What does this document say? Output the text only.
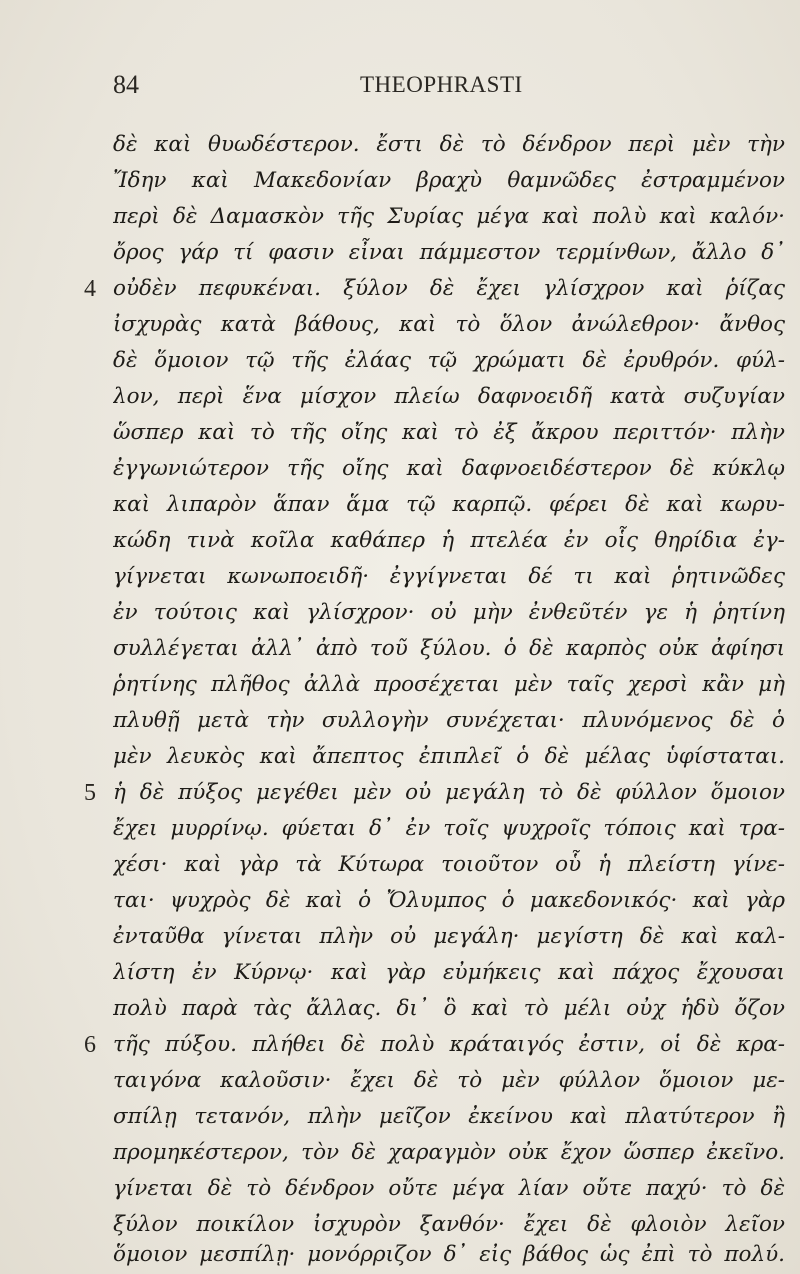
84	THEOPHRASTI
δὲ καὶ θυωδέστερον. ἔστι δὲ τὸ δένδρον περὶ μὲν τὴν
Ἴδην καὶ Μακεδονίαν βραχὺ θαμνῶδες ἐστραμμένον
περὶ δὲ Δαμασκὸν τῆς Συρίας μέγα καὶ πολὺ καὶ καλόν·
ὄρος γάρ τί φασιν εἶναι πάμμεστον τερμίνθων, ἄλλο δ᾽
4 οὐδὲν πεφυκέναι. ξύλον δὲ ἔχει γλίσχρον καὶ ῥίζας
ἰσχυρὰς κατὰ βάθους, καὶ τὸ ὅλον ἀνώλεθρον· ἄνθος
δὲ ὅμοιον τῷ τῆς ἐλάας τῷ χρώματι δὲ ἐρυθρόν. φύλ-
λον, περὶ ἕνα μίσχον πλείω δαφνοειδῆ κατὰ συζυγίαν
ὥσπερ καὶ τὸ τῆς οἴης καὶ τὸ ἐξ ἄκρου περιττόν· πλὴν
ἐγγωνιώτερον τῆς οἴης καὶ δαφνοειδέστερον δὲ κύκλῳ
καὶ λιπαρὸν ἅπαν ἅμα τῷ καρπῷ. φέρει δὲ καὶ κωρυ-
κώδη τινὰ κοῖλα καθάπερ ἡ πτελέα ἐν οἷς θηρίδια ἐγ-
γίγνεται κωνωποειδῆ· ἐγγίγνεται δέ τι καὶ ῥητινῶδες
ἐν τούτοις καὶ γλίσχρον· οὐ μὴν ἐνθεῦτέν γε ἡ ῥητίνη
συλλέγεται ἀλλ᾽ ἀπὸ τοῦ ξύλου. ὁ δὲ καρπὸς οὐκ ἀφίησι
ῥητίνης πλῆθος ἀλλὰ προσέχεται μὲν ταῖς χερσὶ κἂν μὴ
πλυθῇ μετὰ τὴν συλλογὴν συνέχεται· πλυνόμενος δὲ ὁ
μὲν λευκὸς καὶ ἄπεπτος ἐπιπλεῖ ὁ δὲ μέλας ὑφίσταται.
5 ἡ δὲ πύξος μεγέθει μὲν οὐ μεγάλη τὸ δὲ φύλλον ὅμοιον
ἔχει μυρρίνῳ. φύεται δ᾽ ἐν τοῖς ψυχροῖς τόποις καὶ τρα-
χέσι· καὶ γὰρ τὰ Κύτωρα τοιοῦτον οὗ ἡ πλείστη γίνε-
ται· ψυχρὸς δὲ καὶ ὁ Ὄλυμπος ὁ μακεδονικός· καὶ γὰρ
ἐνταῦθα γίνεται πλὴν οὐ μεγάλη· μεγίστη δὲ καὶ καλ-
λίστη ἐν Κύρνῳ· καὶ γὰρ εὐμήκεις καὶ πάχος ἔχουσαι
πολὺ παρὰ τὰς ἄλλας. δι᾽ ὃ καὶ τὸ μέλι οὐχ ἡδὺ ὄζον
6 τῆς πύξου. πλήθει δὲ πολὺ κράταιγός ἐστιν, οἱ δὲ κρα-
ταιγόνα καλοῦσιν· ἔχει δὲ τὸ μὲν φύλλον ὅμοιον με-
σπίλῃ τετανόν, πλὴν μεῖζον ἐκείνου καὶ πλατύτερον ἢ
προμηκέστερον, τὸν δὲ χαραγμὸν οὐκ ἔχον ὥσπερ ἐκεῖνο.
γίνεται δὲ τὸ δένδρον οὔτε μέγα λίαν οὔτε παχύ· τὸ δὲ
ξύλον ποικίλον ἰσχυρὸν ξανθόν· ἔχει δὲ φλοιὸν λεῖον
ὅμοιον μεσπίλῃ· μονόρριζον δ᾽ εἰς βάθος ὡς ἐπὶ τὸ πολύ.
